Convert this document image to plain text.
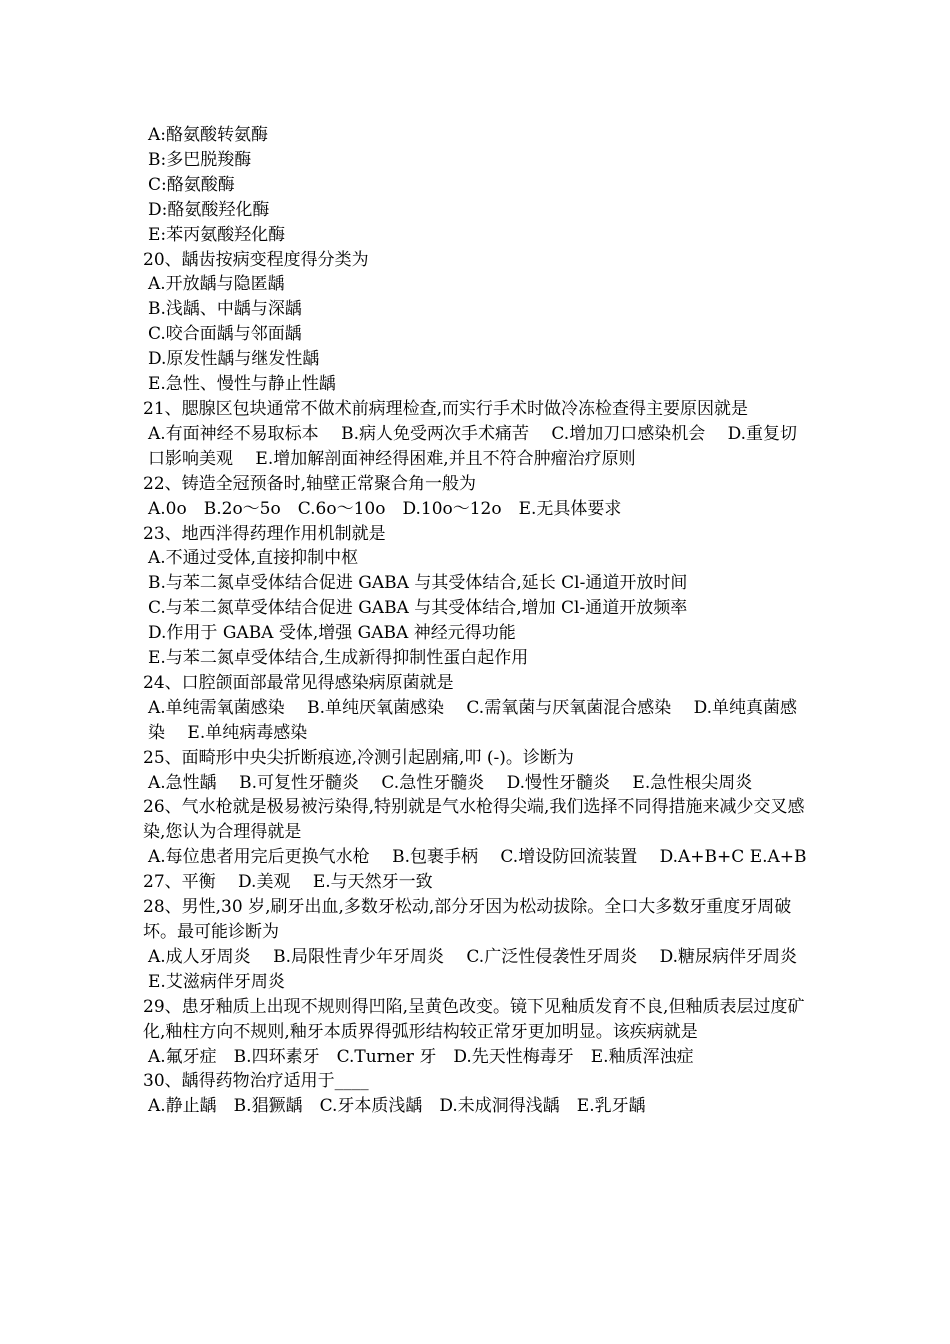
A:酪氨酸转氨酶

B:多巴脱羧酶

C:酪氨酸酶

D:酪氨酸羟化酶

E:苯丙氨酸羟化酶

20、龋齿按病变程度得分类为

A.开放龋与隐匿龋

B.浅龋、中龋与深龋

C.咬合面龋与邻面龋

D.原发性龋与继发性龋

E.急性、慢性与静止性龋

21、腮腺区包块通常不做术前病理检查,而实行手术时做冷冻检查得主要原因就是

A.有面神经不易取标本　 B.病人免受两次手术痛苦　 C.增加刀口感染机会　 D.重复切口影响美观　 E.增加解剖面神经得困难,并且不符合肿瘤治疗原则

22、铸造全冠预备时,轴壁正常聚合角一般为

A.0o　B.2o～5o　C.6o～10o　D.10o～12o　E.无具体要求

23、地西泮得药理作用机制就是

A.不通过受体,直接抑制中枢

B.与苯二氮卓受体结合促进 GABA 与其受体结合,延长 Cl-通道开放时间

C.与苯二氮草受体结合促进 GABA 与其受体结合,增加 Cl-通道开放频率

D.作用于 GABA 受体,增强 GABA 神经元得功能

E.与苯二氮卓受体结合,生成新得抑制性蛋白起作用

24、口腔颌面部最常见得感染病原菌就是

A.单纯需氧菌感染　 B.单纯厌氧菌感染　 C.需氧菌与厌氧菌混合感染　 D.单纯真菌感染　 E.单纯病毒感染

25、面畸形中央尖折断痕迹,冷测引起剧痛,叩 (-)。诊断为

A.急性龋　 B.可复性牙髓炎　 C.急性牙髓炎　 D.慢性牙髓炎　 E.急性根尖周炎

26、气水枪就是极易被污染得,特别就是气水枪得尖端,我们选择不同得措施来减少交叉感染,您认为合理得就是

A.每位患者用完后更换气水枪　 B.包裹手柄　 C.增设防回流装置　 D.A+B+C E.A+B

27、平衡　 D.美观　 E.与天然牙一致

28、男性,30 岁,刷牙出血,多数牙松动,部分牙因为松动拔除。全口大多数牙重度牙周破坏。最可能诊断为

A.成人牙周炎　 B.局限性青少年牙周炎　 C.广泛性侵袭性牙周炎　 D.糖尿病伴牙周炎　 E.艾滋病伴牙周炎

29、患牙釉质上出现不规则得凹陷,呈黄色改变。镜下见釉质发育不良,但釉质表层过度矿化,釉柱方向不规则,釉牙本质界得弧形结构较正常牙更加明显。该疾病就是

A.氟牙症　B.四环素牙　C.Turner 牙　D.先天性梅毒牙　E.釉质浑浊症

30、龋得药物治疗适用于____

A.静止龋　B.猖獗龋　C.牙本质浅龋　D.未成洞得浅龋　E.乳牙龋
